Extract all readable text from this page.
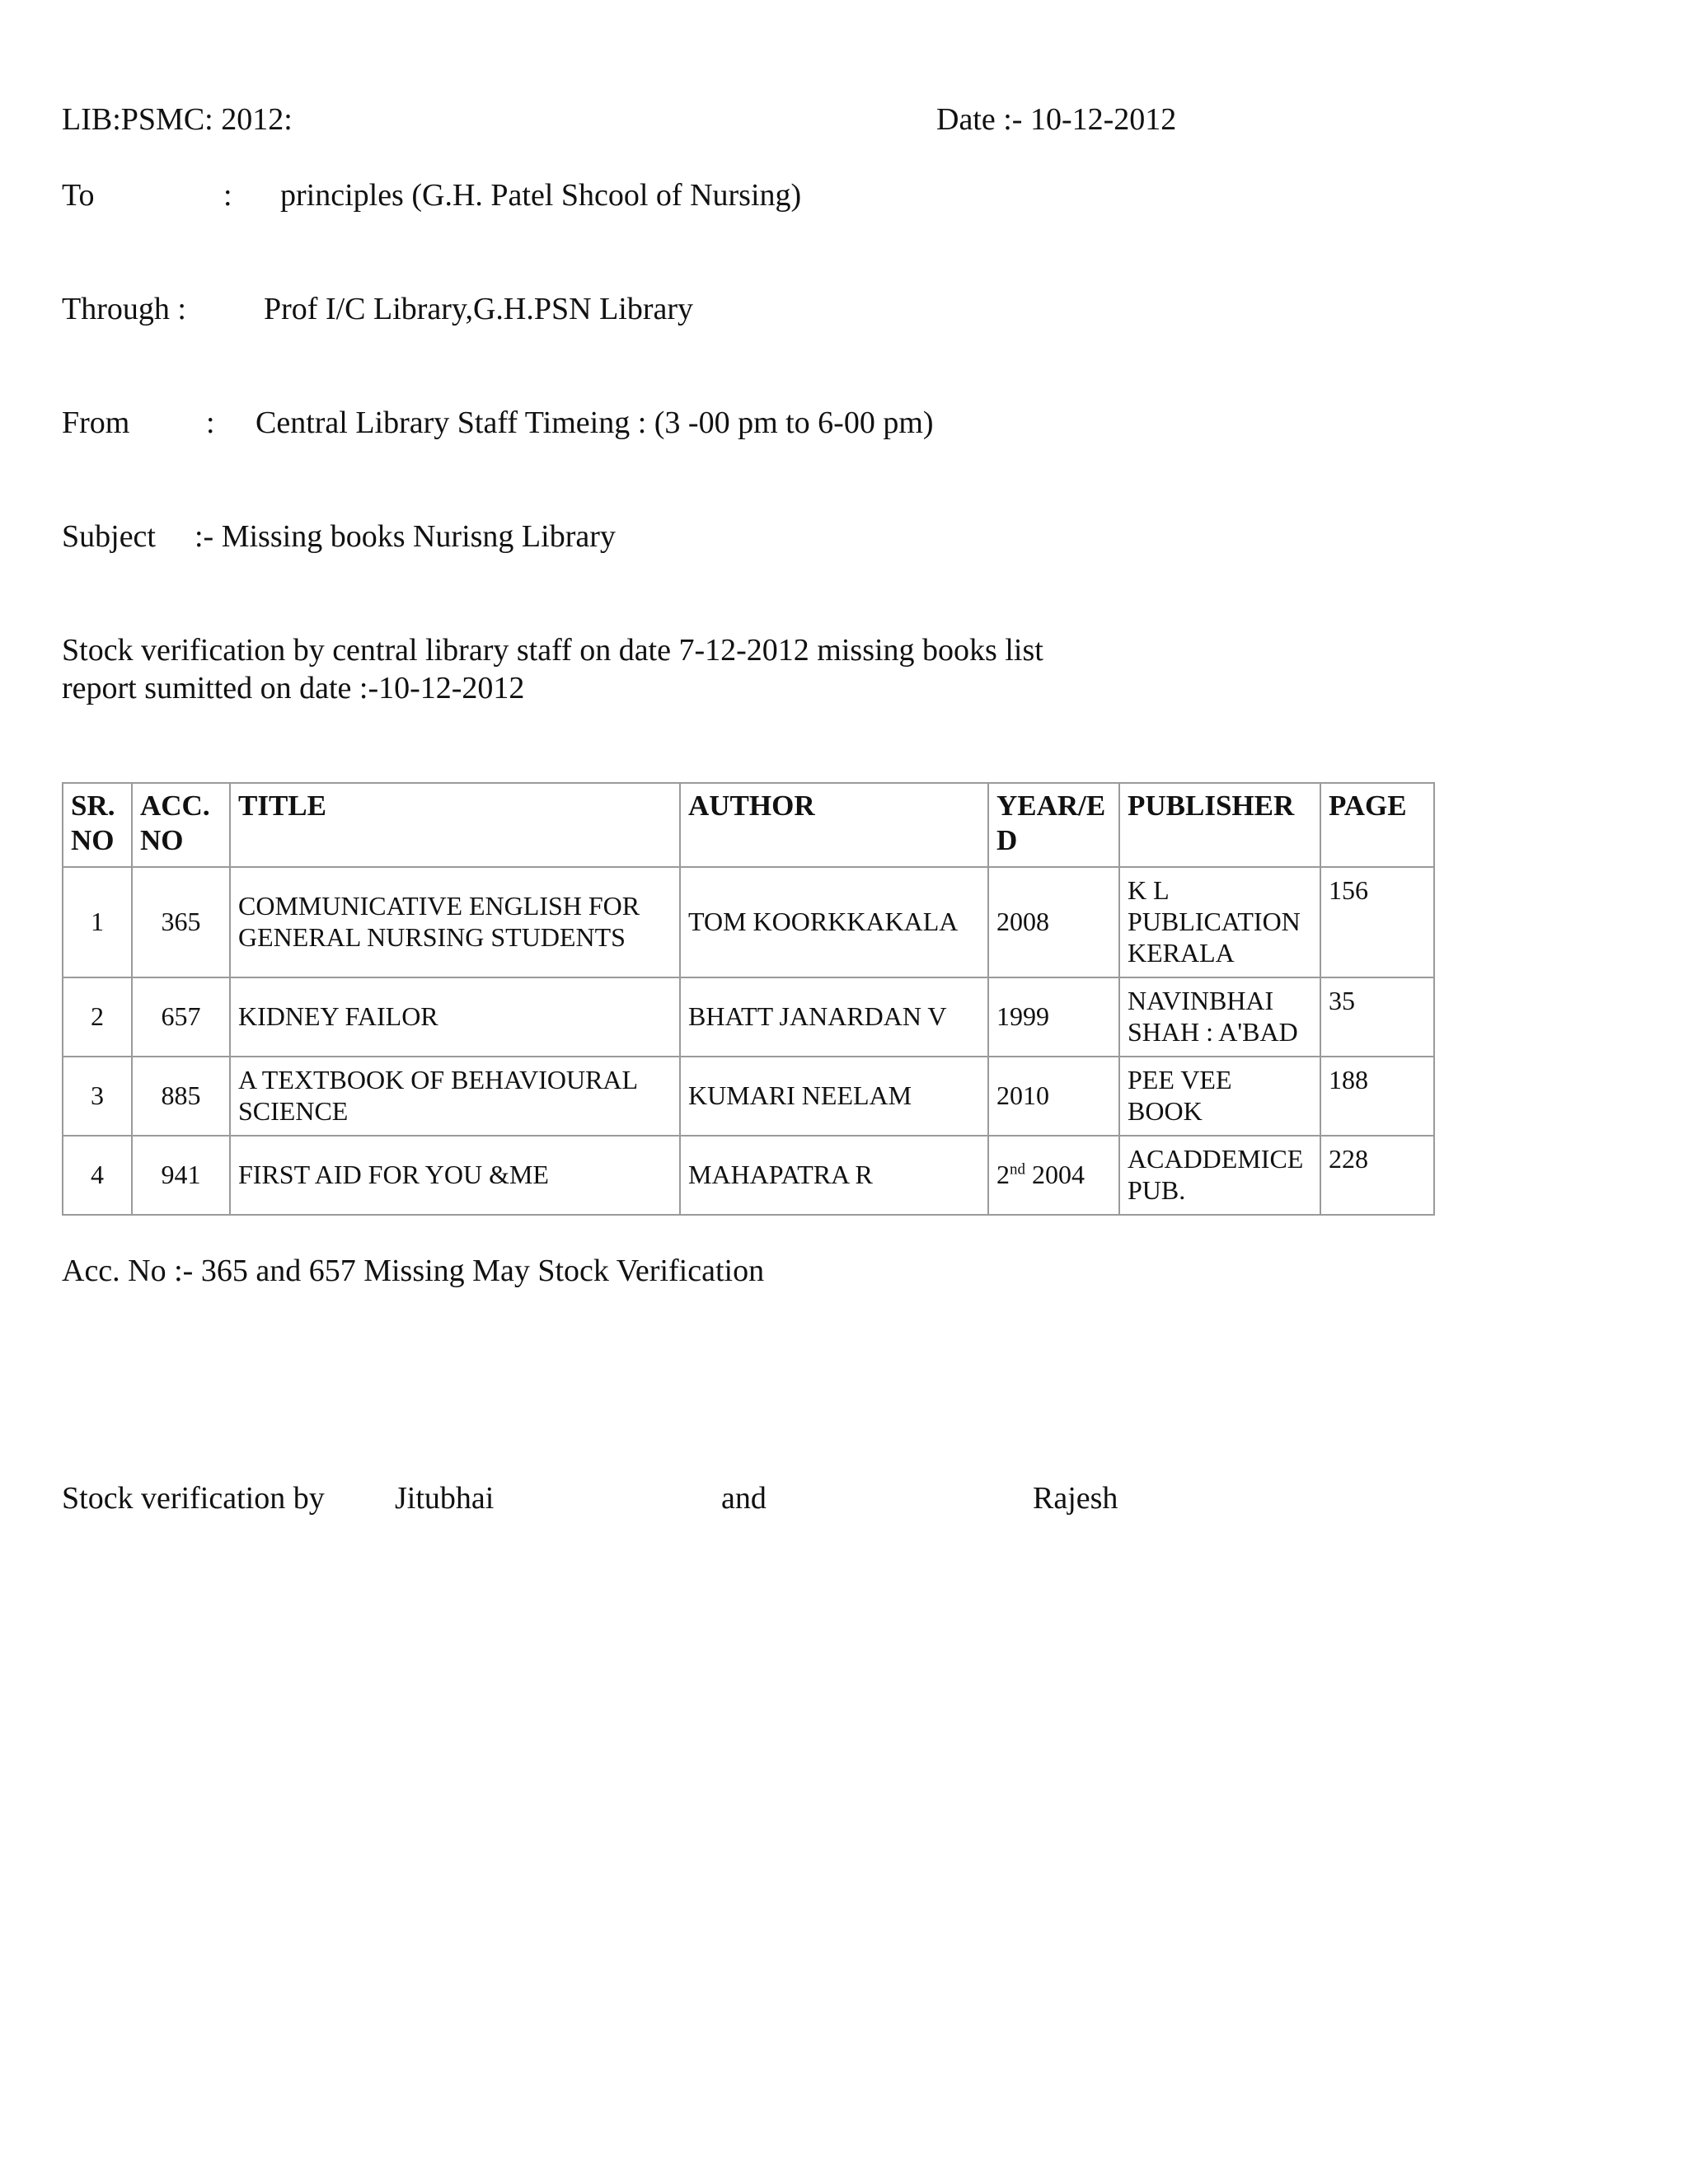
LIB:PSMC: 2012:	Date :- 10-12-2012
To	: principles (G.H. Patel Shcool of Nursing)
Through : Prof I/C Library,G.H.PSN Library
From : Central Library Staff Timeing : (3 -00 pm to 6-00 pm)
Subject :- Missing books Nurisng Library
Stock verification by central library staff on date 7-12-2012 missing books list
report sumitted on date :-10-12-2012
SR. NO	ACC. NO	TITLE	AUTHOR	YEAR/E D	PUBLISHER	PAGE
1	365	COMMUNICATIVE ENGLISH FOR GENERAL NURSING STUDENTS	TOM KOORKKAKALA	2008	K L PUBLICATION KERALA	156
2	657	KIDNEY FAILOR	BHATT JANARDAN V	1999	NAVINBHAI SHAH : A'BAD	35
3	885	A TEXTBOOK OF BEHAVIOURAL SCIENCE	KUMARI NEELAM	2010	PEE VEE BOOK	188
4	941	FIRST AID FOR YOU &ME	MAHAPATRA R	2nd 2004	ACADDEMICE PUB.	228
Acc. No :- 365 and 657 Missing May Stock Verification
Stock verification by Jitubhai	and	Rajesh
